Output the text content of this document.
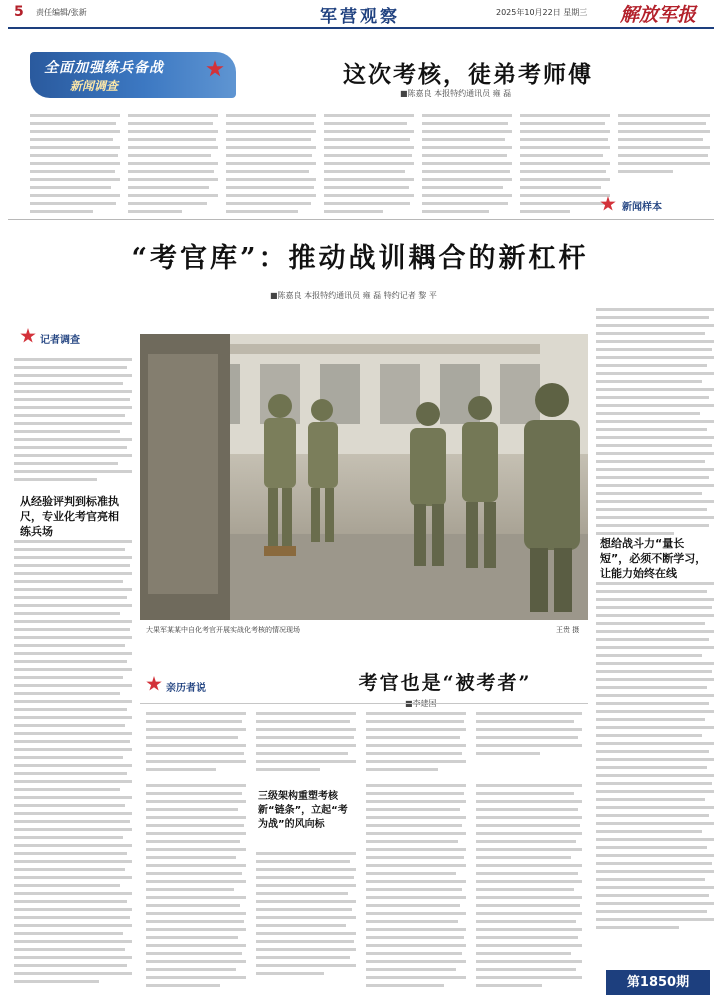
5 责任编辑/张新	军营观察	2025年10月22日 星期三 解放军报
全面加强练兵备战
新闻调查	这次考核，徒弟考师傅
■陈嘉良 本报特约通讯员 雍 磊
新闻样本
“考官库”：推动战训耦合的新杠杆
■陈嘉良 本报特约通讯员 雍 磊 特约记者 黎 平
记者调查
从经验评判到标准执尺，专业化考官亮相练兵场
想给战斗力“量长短”，必须不断学习，让能力始终在线
大果军某某中自化考官开展实战化考核的情况现场	王贵 摄
亲历者说	考官也是“被考者”
三级架构重塑考核新“链条”，立起“考为战”的风向标
第1850期
